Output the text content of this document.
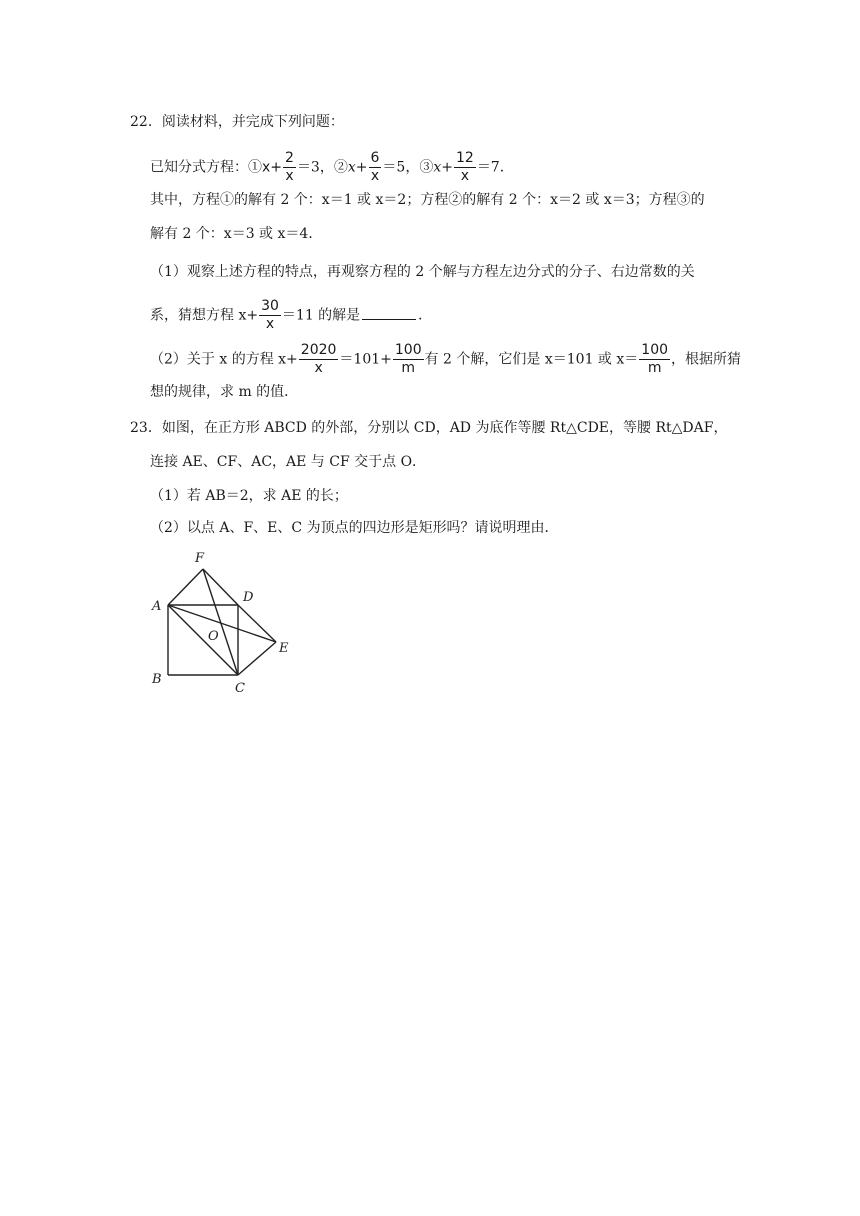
22．阅读材料，并完成下列问题：
已知分式方程：①x+ $\frac{2}{x} =3$，②x+ $\frac{6}{x} =5$，③x+ $\frac{12}{x} =7$．
其中，方程①的解有 2 个：x＝1 或 x＝2；方程②的解有 2 个：x＝2 或 x＝3；方程③的
解有 2 个：x＝3 或 x＝4．
（1）观察上述方程的特点，再观察方程的 2 个解与方程左边分式的分子、右边常数的关
系，猜想方程 $x+ \frac{30}{x} =11$ 的解是	．
（2）关于 x 的方程 $x+ \frac{2020}{x} =101+ \frac{100}{m}$ 有 2 个解，它们是 x＝101 或 $x= \frac{100}{m}$ ，根据所猜
想的规律，求 m 的值．
23．如图，在正方形 ABCD 的外部，分别以 CD，AD 为底作等腰 Rt△CDE，等腰 Rt△DAF，
连接 AE、CF、AC，AE 与 CF 交于点 O．
（1）若 AB＝2，求 AE 的长；
（2）以点 A、F、E、C 为顶点的四边形是矩形吗？请说明理由．
F
A
D
O
E
B
C
